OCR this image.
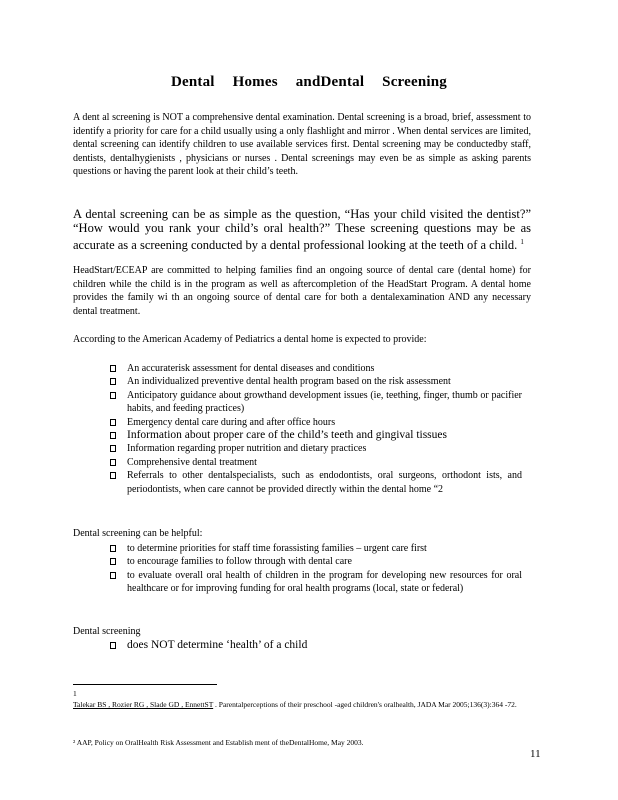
Dental Homes andDental Screening
A dent al screening is NOT a comprehensive dental examination. Dental screening is a broad, brief, assessment to identify a priority for care for a child usually using a only flashlight and mirror . When dental services are limited, dental screening can identify children to use available services first. Dental screening may be conductedby staff, dentists, dentalhygienists , physicians or nurses . Dental screenings may even be as simple as asking parents questions or having the parent look at their child’s teeth.
A dental screening can be as simple as the question, “Has your child visited the dentist?” “How would you rank your child’s oral health?” These screening questions may be as accurate as a screening conducted by a dental professional looking at the teeth of a child. $^1$
HeadStart/ECEAP are committed to helping families find an ongoing source of dental care (dental home) for children while the child is in the program as well as aftercompletion of the HeadStart Program. A dental home provides the family wi th an ongoing source of dental care for both a dentalexamination AND any necessary dental treatment.
According to the American Academy of Pediatrics a dental home is expected to provide:
An accuraterisk assessment for dental diseases and conditions
An individualized preventive dental health program based on the risk assessment
Anticipatory guidance about growthand development issues (ie, teething, finger, thumb or pacifier habits, and feeding practices)
Emergency dental care during and after office hours
Information about proper care of the child’s teeth and gingival tissues
Information regarding proper nutrition and dietary practices
Comprehensive dental treatment
Referrals to other dentalspecialists, such as endodontists, oral surgeons, orthodont ists, and periodontists, when care cannot be provided directly within the dental home “2
Dental screening can be helpful:
to determine priorities for staff time forassisting families – urgent care first
to encourage families to follow through with dental care
to evaluate overall oral health of children in the program for developing new resources for oral healthcare or for improving funding for oral health programs (local, state or federal)
Dental screening
does NOT determine ‘health’ of a child
1
Talekar BS , Rozier RG , Slade GD , EnnettST . Parentalperceptions of their preschool -aged children's oralhealth, JADA Mar 2005;136(3):364 -72.
² AAP, Policy on OralHealth Risk Assessment and Establish ment of theDentalHome, May 2003.
11
